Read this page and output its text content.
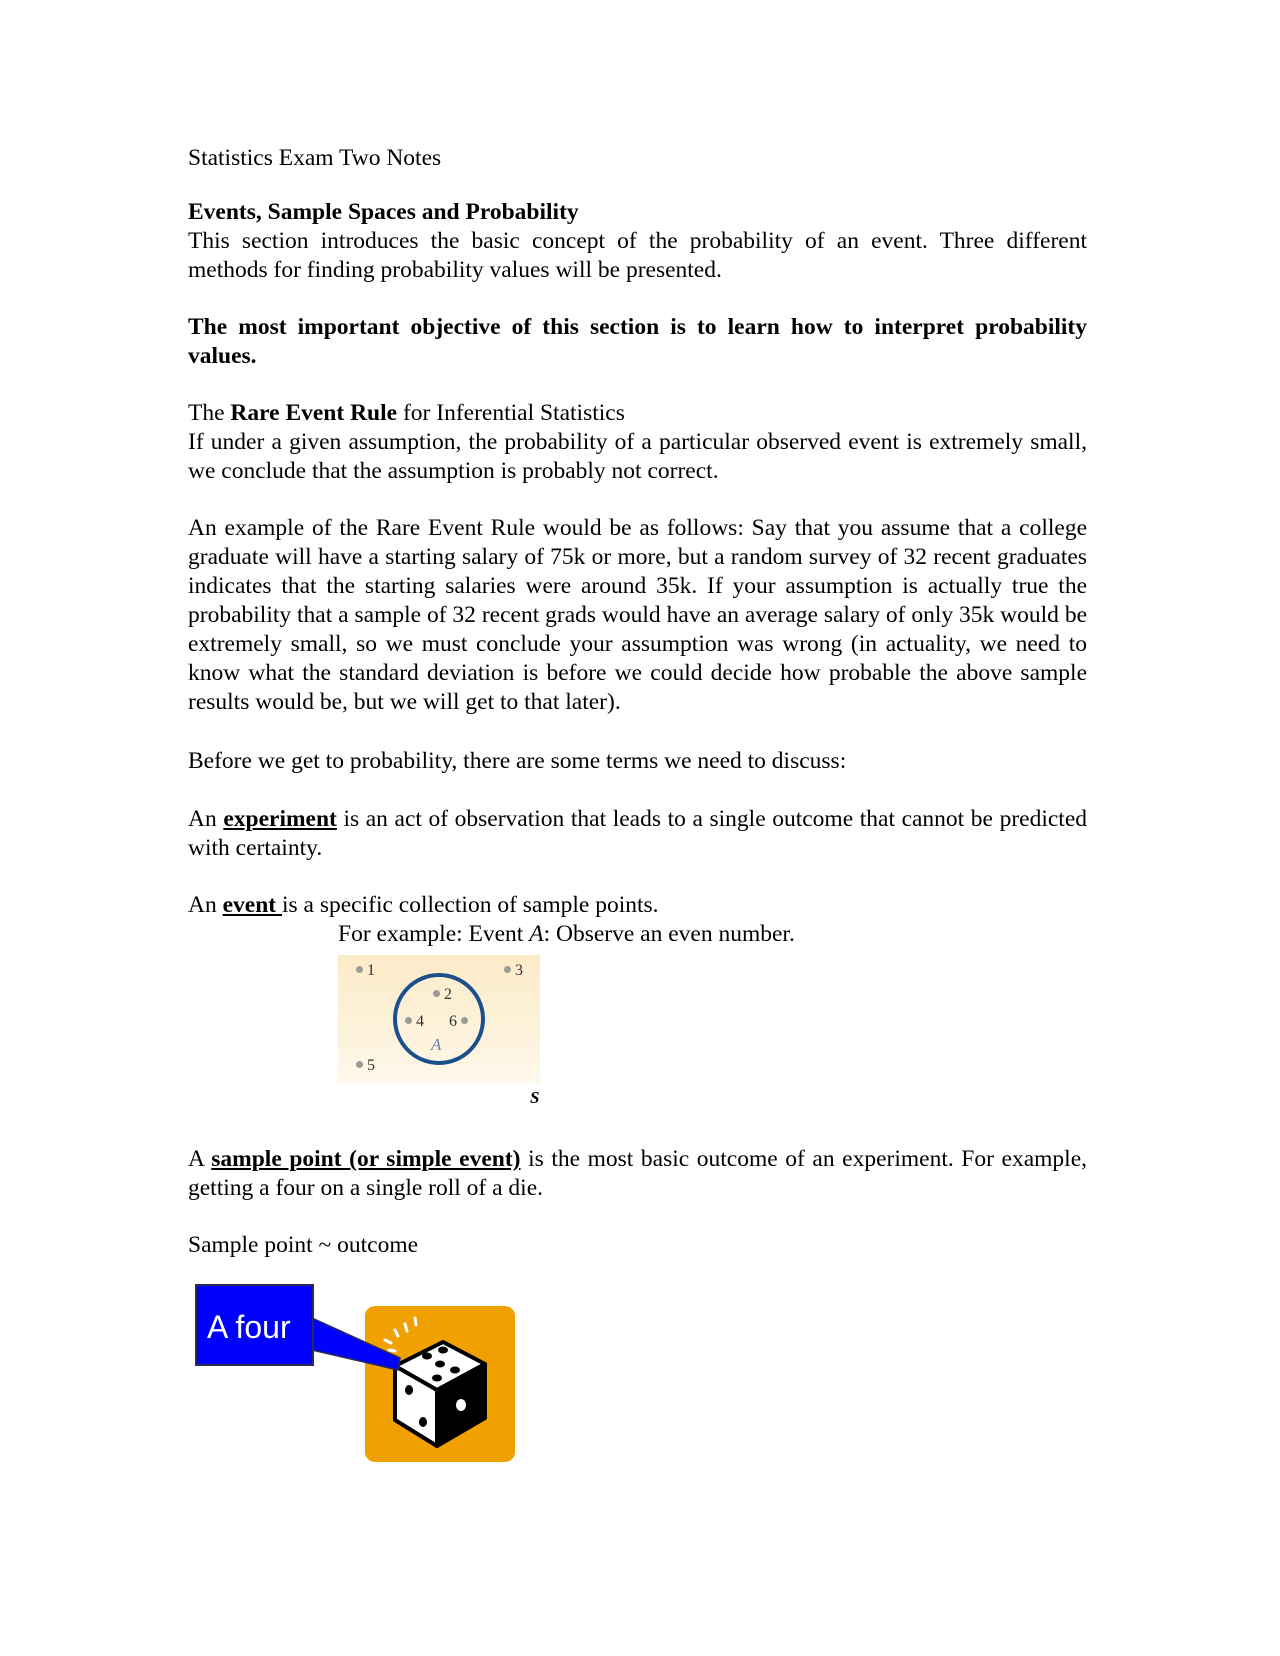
Statistics Exam Two Notes
Events, Sample Spaces and Probability
This section introduces the basic concept of the probability of an event. Three different methods for finding probability values will be presented.
The most important objective of this section is to learn how to interpret probability values.
The Rare Event Rule for Inferential Statistics
If under a given assumption, the probability of a particular observed event is extremely small, we conclude that the assumption is probably not correct.
An example of the Rare Event Rule would be as follows: Say that you assume that a college graduate will have a starting salary of 75k or more, but a random survey of 32 recent graduates indicates that the starting salaries were around 35k. If your assumption is actually true the probability that a sample of 32 recent grads would have an average salary of only 35k would be extremely small, so we must conclude your assumption was wrong (in actuality, we need to know what the standard deviation is before we could decide how probable the above sample results would be, but we will get to that later).
Before we get to probability, there are some terms we need to discuss:
An experiment is an act of observation that leads to a single outcome that cannot be predicted with certainty.
An event is a specific collection of sample points.
For example: Event A: Observe an even number.
1
2
3
4
5
6
A
S
A sample point (or simple event) is the most basic outcome of an experiment. For example, getting a four on a single roll of a die.
Sample point ~ outcome
A four
